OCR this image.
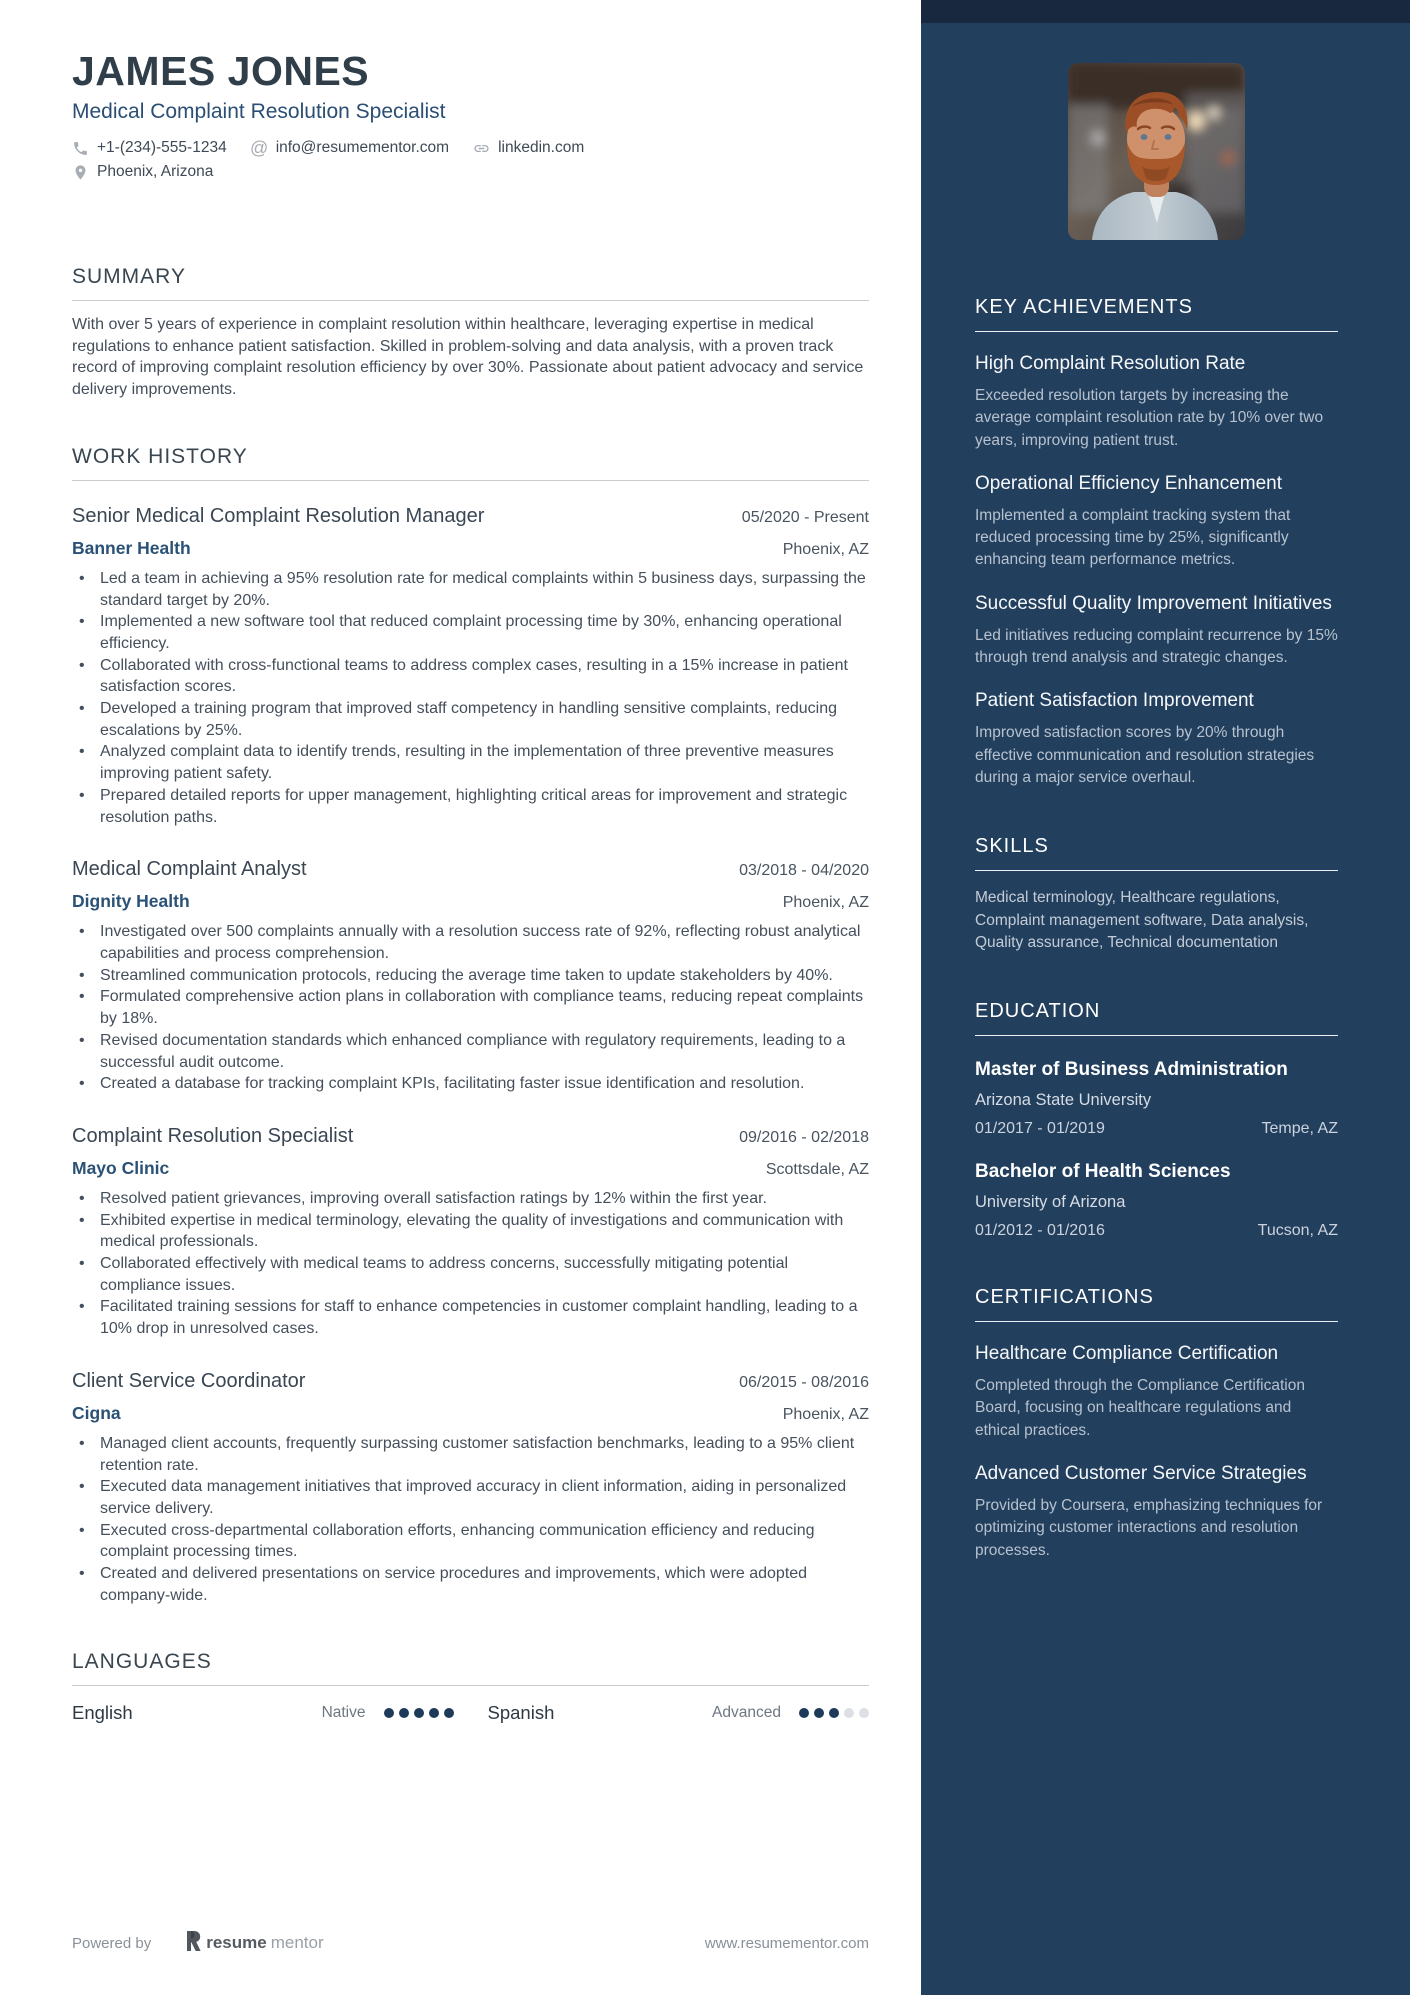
JAMES JONES
Medical Complaint Resolution Specialist
+1-(234)-555-1234 @ info@resumementor.com	linkedin.com
Phoenix, Arizona
SUMMARY

With over 5 years of experience in complaint resolution within healthcare, leveraging expertise in medical regulations to enhance patient satisfaction. Skilled in problem-solving and data analysis, with a proven track record of improving complaint resolution efficiency by over 30%. Passionate about patient advocacy and service delivery improvements.

WORK HISTORY
Senior Medical Complaint Resolution Manager	05/2020 - Present
Banner Health	Phoenix, AZ
• Led a team in achieving a 95% resolution rate for medical complaints within 5 business days, surpassing the standard target by 20%.
• Implemented a new software tool that reduced complaint processing time by 30%, enhancing operational efficiency.
• Collaborated with cross-functional teams to address complex cases, resulting in a 15% increase in patient satisfaction scores.
• Developed a training program that improved staff competency in handling sensitive complaints, reducing escalations by 25%.
• Analyzed complaint data to identify trends, resulting in the implementation of three preventive measures improving patient safety.
• Prepared detailed reports for upper management, highlighting critical areas for improvement and strategic resolution paths.
Medical Complaint Analyst	03/2018 - 04/2020
Dignity Health	Phoenix, AZ
• Investigated over 500 complaints annually with a resolution success rate of 92%, reflecting robust analytical capabilities and process comprehension.
• Streamlined communication protocols, reducing the average time taken to update stakeholders by 40%.
• Formulated comprehensive action plans in collaboration with compliance teams, reducing repeat complaints by 18%.
• Revised documentation standards which enhanced compliance with regulatory requirements, leading to a successful audit outcome.
• Created a database for tracking complaint KPIs, facilitating faster issue identification and resolution.
Complaint Resolution Specialist	09/2016 - 02/2018
Mayo Clinic	Scottsdale, AZ
• Resolved patient grievances, improving overall satisfaction ratings by 12% within the first year.
• Exhibited expertise in medical terminology, elevating the quality of investigations and communication with medical professionals.
• Collaborated effectively with medical teams to address concerns, successfully mitigating potential compliance issues.
• Facilitated training sessions for staff to enhance competencies in customer complaint handling, leading to a 10% drop in unresolved cases.
Client Service Coordinator	06/2015 - 08/2016
Cigna	Phoenix, AZ
• Managed client accounts, frequently surpassing customer satisfaction benchmarks, leading to a 95% client retention rate.
• Executed data management initiatives that improved accuracy in client information, aiding in personalized service delivery.
• Executed cross-departmental collaboration efforts, enhancing communication efficiency and reducing complaint processing times.
• Created and delivered presentations on service procedures and improvements, which were adopted company-wide.
LANGUAGES
English	Native	Spanish	Advanced
Powered by	resume mentor	www.resumementor.com
KEY ACHIEVEMENTS
High Complaint Resolution Rate

Exceeded resolution targets by increasing the average complaint resolution rate by 10% over two years, improving patient trust.

Operational Efficiency Enhancement

Implemented a complaint tracking system that reduced processing time by 25%, significantly enhancing team performance metrics.

Successful Quality Improvement Initiatives

Led initiatives reducing complaint recurrence by 15% through trend analysis and strategic changes.

Patient Satisfaction Improvement

Improved satisfaction scores by 20% through effective communication and resolution strategies during a major service overhaul.

SKILLS

Medical terminology, Healthcare regulations, Complaint management software, Data analysis, Quality assurance, Technical documentation

EDUCATION
Master of Business Administration
Arizona State University
01/2017 - 01/2019	Tempe, AZ
Bachelor of Health Sciences
University of Arizona
01/2012 - 01/2016	Tucson, AZ
CERTIFICATIONS
Healthcare Compliance Certification

Completed through the Compliance Certification Board, focusing on healthcare regulations and ethical practices.

Advanced Customer Service Strategies

Provided by Coursera, emphasizing techniques for optimizing customer interactions and resolution processes.
